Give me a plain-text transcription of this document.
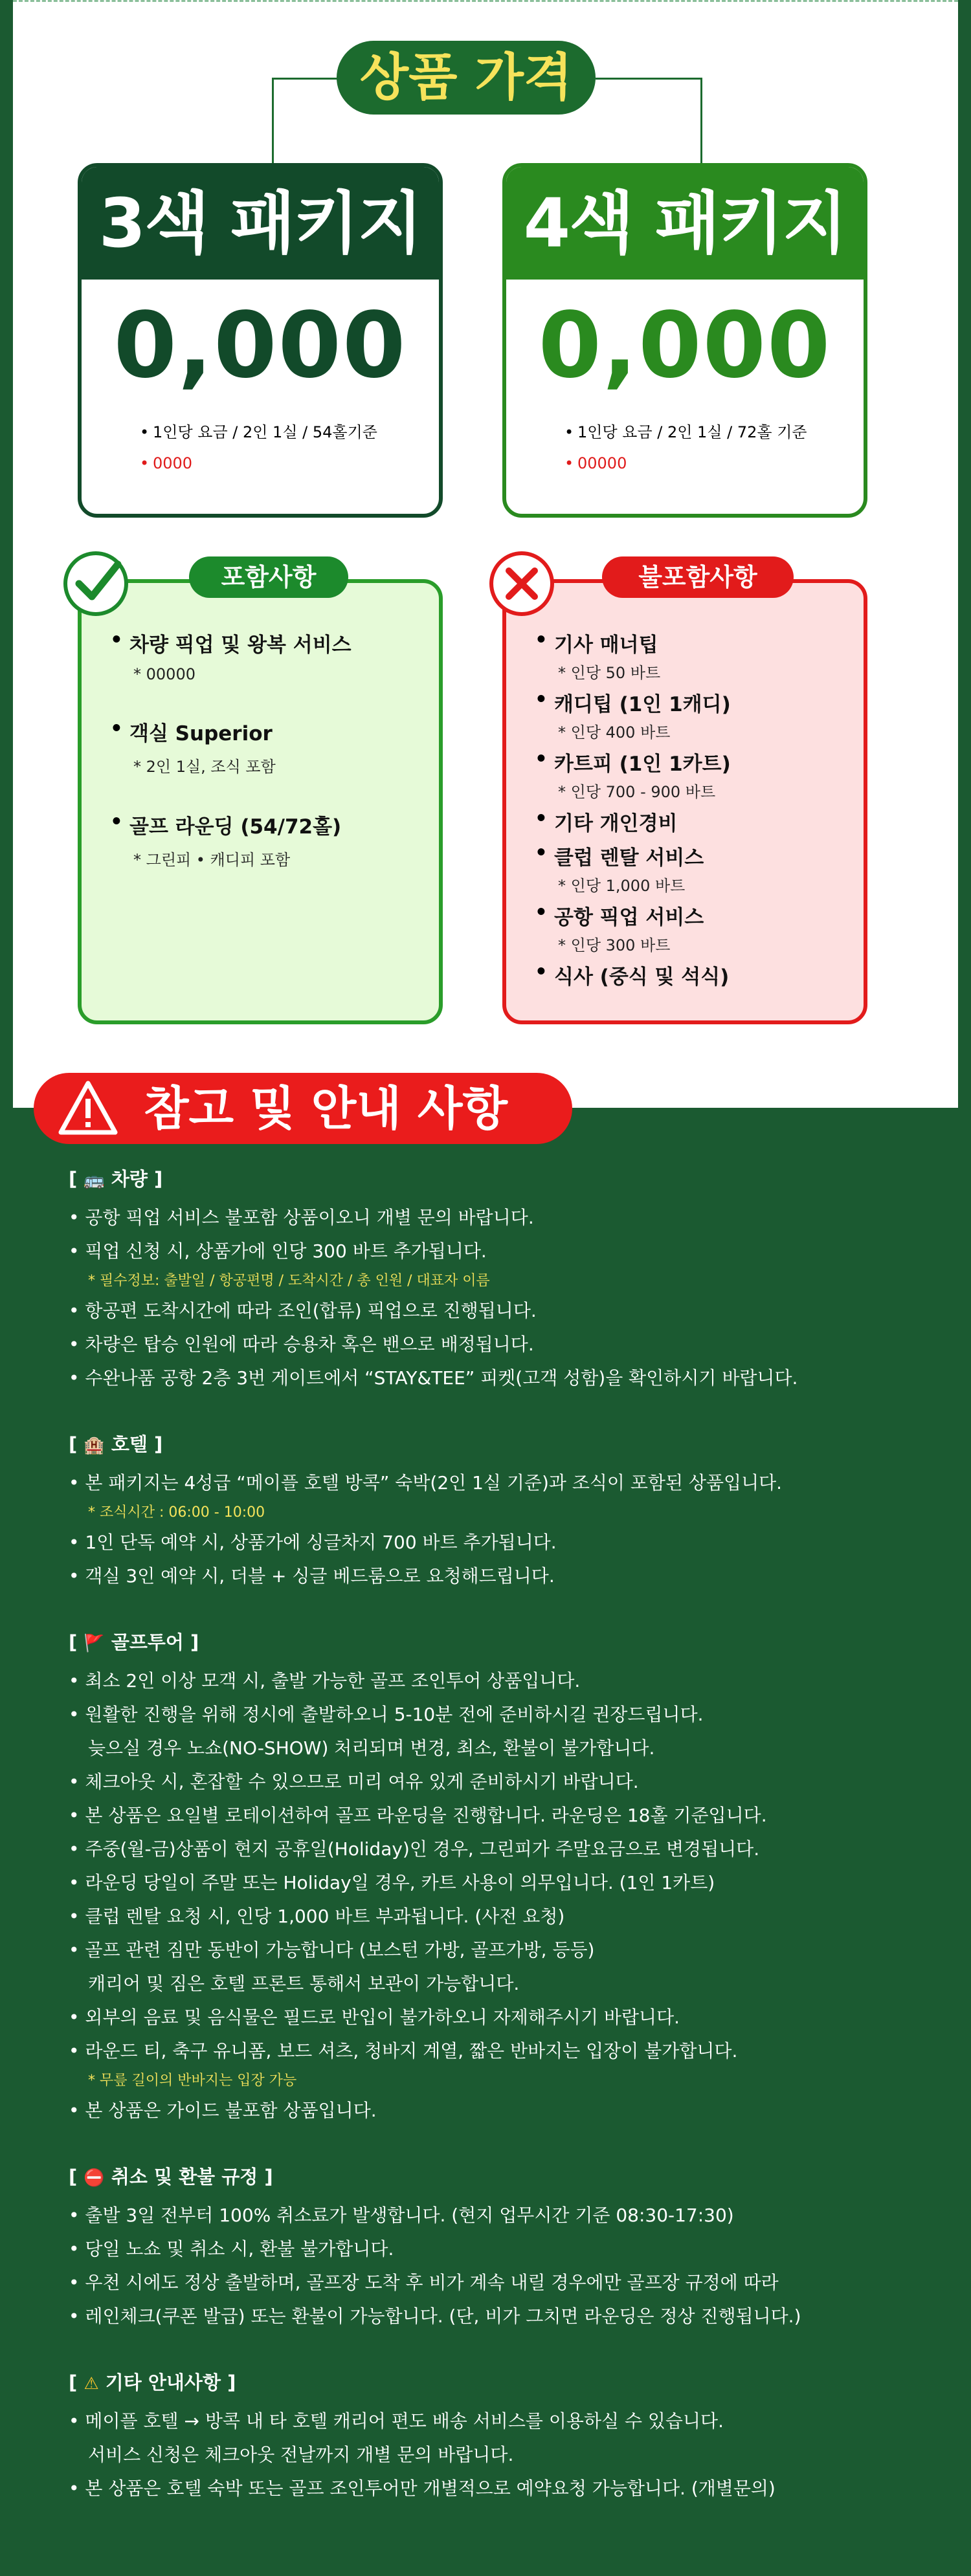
상품 가격
3색 패키지
0,000
• 1인당 요금 / 2인 1실 / 54홀기준
• 0000
4색 패키지
0,000
• 1인당 요금 / 2인 1실 / 72홀 기준
• 00000
• 차량 픽업 및 왕복 서비스
* 00000
• 객실 Superior
* 2인 1실, 조식 포함
• 골프 라운딩 (54/72홀)
* 그린피 • 캐디피 포함
포함사항
• 기사 매너팁
* 인당 50 바트
• 캐디팁 (1인 1캐디)
* 인당 400 바트
• 카트피 (1인 1카트)
* 인당 700 - 900 바트
• 기타 개인경비
• 클럽 렌탈 서비스
* 인당 1,000 바트
• 공항 픽업 서비스
* 인당 300 바트
• 식사 (중식 및 석식)
불포함사항
참고 및 안내 사항
[ 🚌 차량 ]

• 공항 픽업 서비스 불포함 상품이오니 개별 문의 바랍니다.

• 픽업 신청 시, 상품가에 인당 300 바트 추가됩니다.

* 필수정보: 출발일 / 항공편명 / 도착시간 / 총 인원 / 대표자 이름

• 항공편 도착시간에 따라 조인(합류) 픽업으로 진행됩니다.

• 차량은 탑승 인원에 따라 승용차 혹은 밴으로 배정됩니다.

• 수완나품 공항 2층 3번 게이트에서 “STAY&TEE” 피켓(고객 성함)을 확인하시기 바랍니다.

[ 🏨 호텔 ]

• 본 패키지는 4성급 “메이플 호텔 방콕” 숙박(2인 1실 기준)과 조식이 포함된 상품입니다.

* 조식시간 : 06:00 - 10:00

• 1인 단독 예약 시, 상품가에 싱글차지 700 바트 추가됩니다.

• 객실 3인 예약 시, 더블 + 싱글 베드룸으로 요청해드립니다.

[ 🚩 골프투어 ]

• 최소 2인 이상 모객 시, 출발 가능한 골프 조인투어 상품입니다.

• 원활한 진행을 위해 정시에 출발하오니 5-10분 전에 준비하시길 권장드립니다.

늦으실 경우 노쇼(NO-SHOW) 처리되며 변경, 최소, 환불이 불가합니다.

• 체크아웃 시, 혼잡할 수 있으므로 미리 여유 있게 준비하시기 바랍니다.

• 본 상품은 요일별 로테이션하여 골프 라운딩을 진행합니다. 라운딩은 18홀 기준입니다.

• 주중(월-금)상품이 현지 공휴일(Holiday)인 경우, 그린피가 주말요금으로 변경됩니다.

• 라운딩 당일이 주말 또는 Holiday일 경우, 카트 사용이 의무입니다. (1인 1카트)

• 클럽 렌탈 요청 시, 인당 1,000 바트 부과됩니다. (사전 요청)

• 골프 관련 짐만 동반이 가능합니다 (보스턴 가방, 골프가방, 등등)

캐리어 및 짐은 호텔 프론트 통해서 보관이 가능합니다.

• 외부의 음료 및 음식물은 필드로 반입이 불가하오니 자제해주시기 바랍니다.

• 라운드 티, 축구 유니폼, 보드 셔츠, 청바지 계열, 짧은 반바지는 입장이 불가합니다.

* 무릎 길이의 반바지는 입장 가능

• 본 상품은 가이드 불포함 상품입니다.

[ ⛔ 취소 및 환불 규정 ]

• 출발 3일 전부터 100% 취소료가 발생합니다. (현지 업무시간 기준 08:30-17:30)

• 당일 노쇼 및 취소 시, 환불 불가합니다.

• 우천 시에도 정상 출발하며, 골프장 도착 후 비가 계속 내릴 경우에만 골프장 규정에 따라

• 레인체크(쿠폰 발급) 또는 환불이 가능합니다. (단, 비가 그치면 라운딩은 정상 진행됩니다.)

[ ⚠ 기타 안내사항 ]

• 메이플 호텔 → 방콕 내 타 호텔 캐리어 편도 배송 서비스를 이용하실 수 있습니다.

서비스 신청은 체크아웃 전날까지 개별 문의 바랍니다.

• 본 상품은 호텔 숙박 또는 골프 조인투어만 개별적으로 예약요청 가능합니다. (개별문의)
